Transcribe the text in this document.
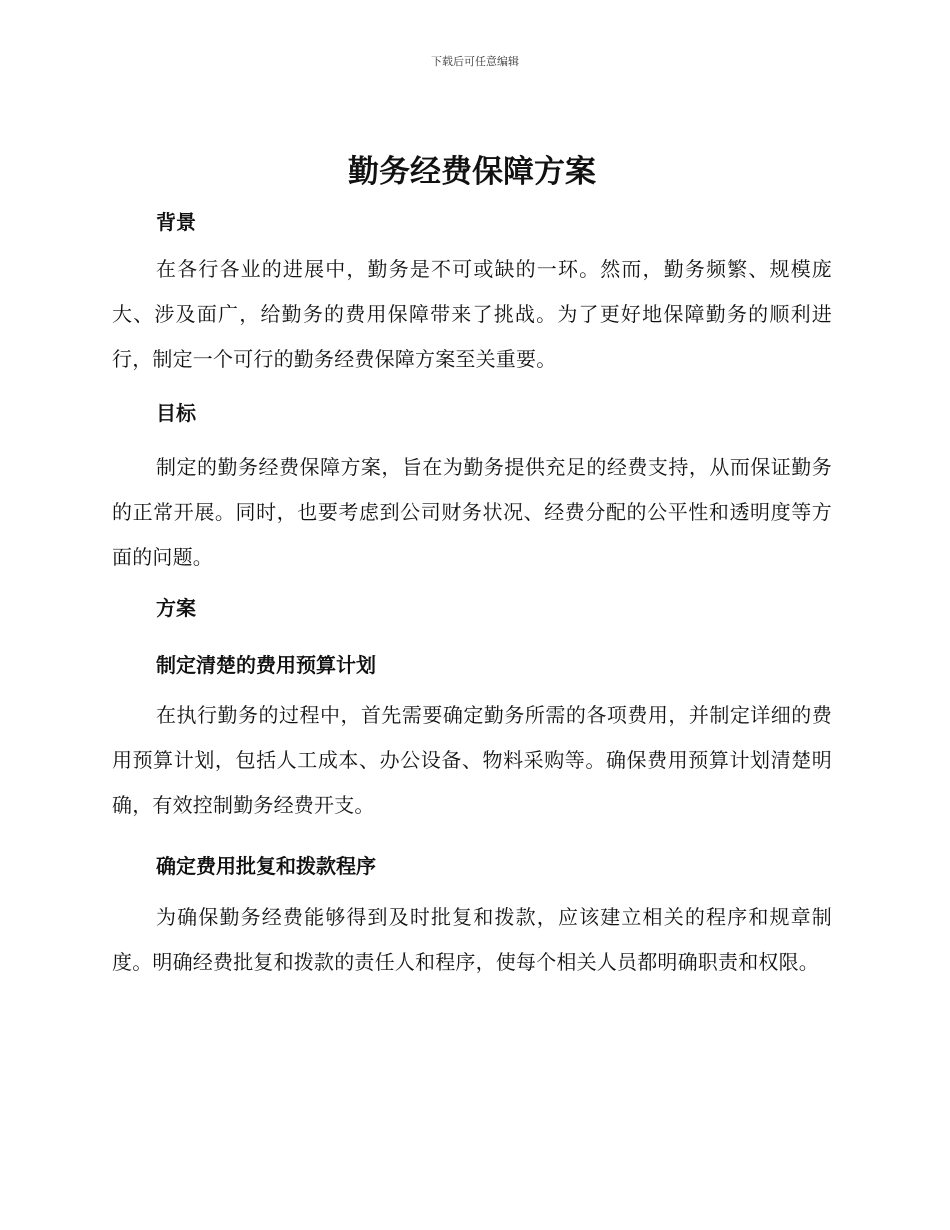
下载后可任意编辑
勤务经费保障方案
背景

在各行各业的进展中，勤务是不可或缺的一环。然而，勤务频繁、规模庞大、涉及面广，给勤务的费用保障带来了挑战。为了更好地保障勤务的顺利进行，制定一个可行的勤务经费保障方案至关重要。

目标

制定的勤务经费保障方案，旨在为勤务提供充足的经费支持，从而保证勤务的正常开展。同时，也要考虑到公司财务状况、经费分配的公平性和透明度等方面的问题。

方案
制定清楚的费用预算计划

在执行勤务的过程中，首先需要确定勤务所需的各项费用，并制定详细的费用预算计划，包括人工成本、办公设备、物料采购等。确保费用预算计划清楚明确，有效控制勤务经费开支。

确定费用批复和拨款程序

为确保勤务经费能够得到及时批复和拨款，应该建立相关的程序和规章制度。明确经费批复和拨款的责任人和程序，使每个相关人员都明确职责和权限。
